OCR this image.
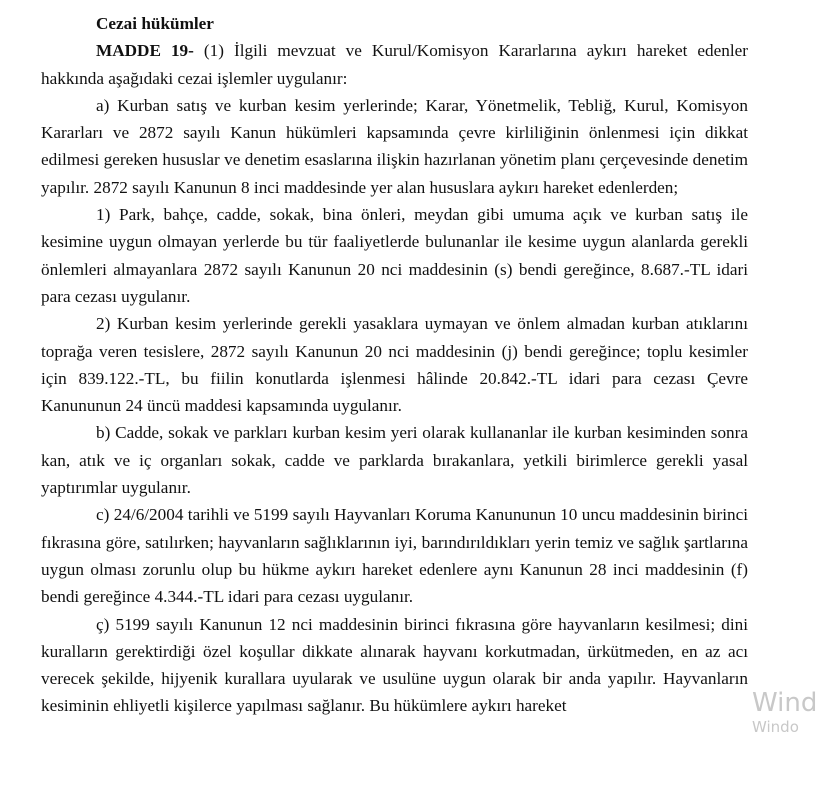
Cezai hükümler

MADDE 19- (1) İlgili mevzuat ve Kurul/Komisyon Kararlarına aykırı hareket edenler hakkında aşağıdaki cezai işlemler uygulanır:

a) Kurban satış ve kurban kesim yerlerinde; Karar, Yönetmelik, Tebliğ, Kurul, Komisyon Kararları ve 2872 sayılı Kanun hükümleri kapsamında çevre kirliliğinin önlenmesi için dikkat edilmesi gereken hususlar ve denetim esaslarına ilişkin hazırlanan yönetim planı çerçevesinde denetim yapılır. 2872 sayılı Kanunun 8 inci maddesinde yer alan hususlara aykırı hareket edenlerden;

1) Park, bahçe, cadde, sokak, bina önleri, meydan gibi umuma açık ve kurban satış ile kesimine uygun olmayan yerlerde bu tür faaliyetlerde bulunanlar ile kesime uygun alanlarda gerekli önlemleri almayanlara 2872 sayılı Kanunun 20 nci maddesinin (s) bendi gereğince, 8.687.-TL idari para cezası uygulanır.

2) Kurban kesim yerlerinde gerekli yasaklara uymayan ve önlem almadan kurban atıklarını toprağa veren tesislere, 2872 sayılı Kanunun 20 nci maddesinin (j) bendi gereğince; toplu kesimler için 839.122.-TL, bu fiilin konutlarda işlenmesi hâlinde 20.842.-TL idari para cezası Çevre Kanununun 24 üncü maddesi kapsamında uygulanır.

b) Cadde, sokak ve parkları kurban kesim yeri olarak kullananlar ile kurban kesiminden sonra kan, atık ve iç organları sokak, cadde ve parklarda bırakanlara, yetkili birimlerce gerekli yasal yaptırımlar uygulanır.

c) 24/6/2004 tarihli ve 5199 sayılı Hayvanları Koruma Kanununun 10 uncu maddesinin birinci fıkrasına göre, satılırken; hayvanların sağlıklarının iyi, barındırıldıkları yerin temiz ve sağlık şartlarına uygun olması zorunlu olup bu hükme aykırı hareket edenlere aynı Kanunun 28 inci maddesinin (f) bendi gereğince 4.344.-TL idari para cezası uygulanır.

ç) 5199 sayılı Kanunun 12 nci maddesinin birinci fıkrasına göre hayvanların kesilmesi; dini kuralların gerektirdiği özel koşullar dikkate alınarak hayvanı korkutmadan, ürkütmeden, en az acı verecek şekilde, hijyenik kurallara uyularak ve usulüne uygun olarak bir anda yapılır. Hayvanların kesiminin ehliyetli kişilerce yapılması sağlanır. Bu hükümlere aykırı hareket	Wind
Windo
